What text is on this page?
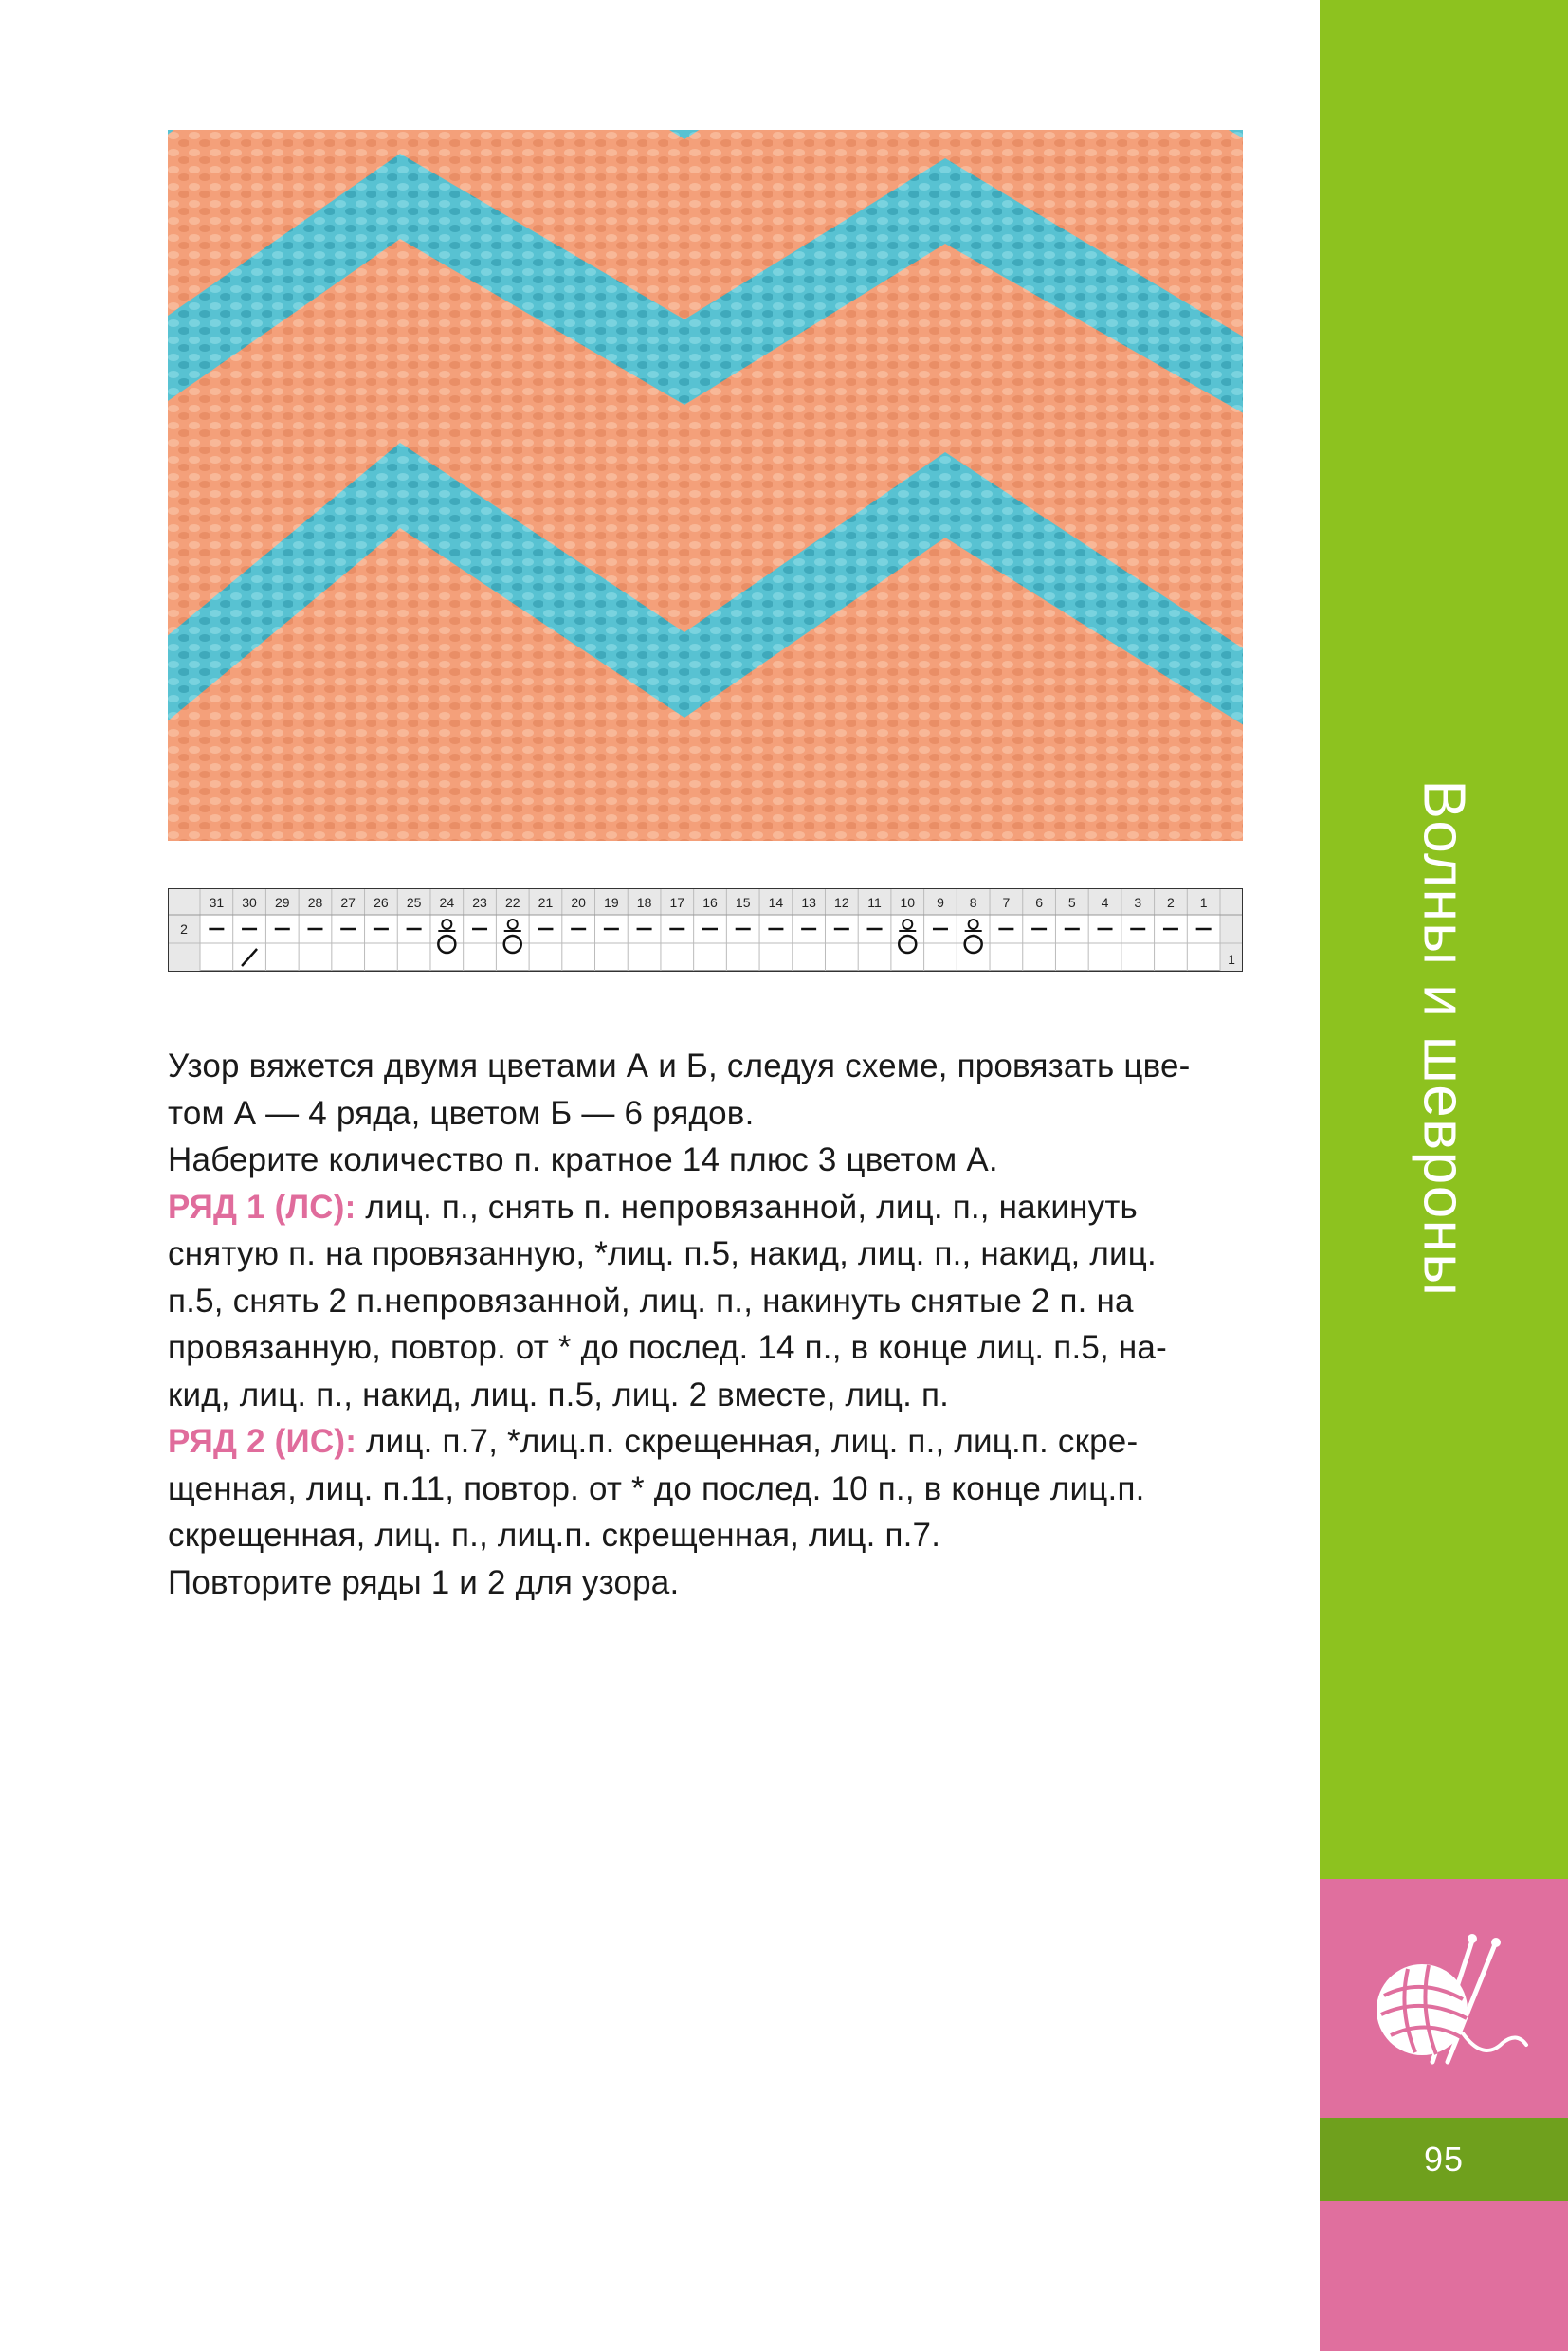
31 30 29 28 27 26 25 24 23 22 21 20 19 18 17 16 15 14 13 12 11 10 9 8 7 6 5 4 3 2 1
2
1

Узор вяжется двумя цветами А и Б, следуя схеме, провязать цве-

том А — 4 ряда, цветом Б — 6 рядов.

Наберите количество п. кратное 14 плюс 3 цветом А.

РЯД 1 (ЛС): лиц. п., снять п. непровязанной, лиц. п., накинуть

снятую п. на провязанную, *лиц. п.5, накид, лиц. п., накид, лиц.

п.5, снять 2 п.непровязанной, лиц. п., накинуть снятые 2 п. на

провязанную, повтор. от * до послед. 14 п., в конце лиц. п.5, на-

кид, лиц. п., накид, лиц. п.5, лиц. 2 вместе, лиц. п.

РЯД 2 (ИС): лиц. п.7, *лиц.п. скрещенная, лиц. п., лиц.п. скре-

щенная, лиц. п.11, повтор. от * до послед. 10 п., в конце лиц.п.

скрещенная, лиц. п., лиц.п. скрещенная, лиц. п.7.

Повторите ряды 1 и 2 для узора.

Волны и шевроны
95
